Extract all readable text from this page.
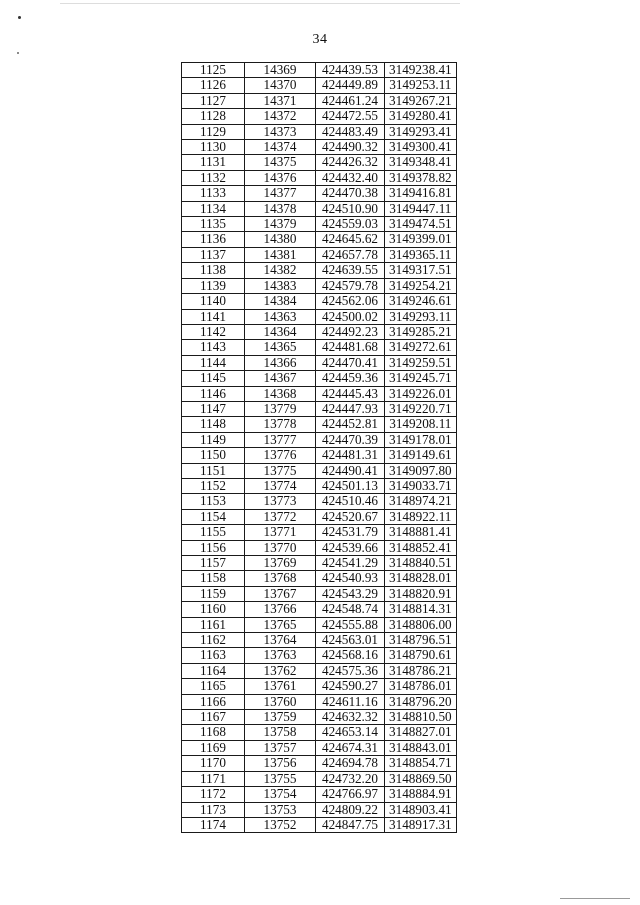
34
1125	14369	424439.53	3149238.41
1126	14370	424449.89	3149253.11
1127	14371	424461.24	3149267.21
1128	14372	424472.55	3149280.41
1129	14373	424483.49	3149293.41
1130	14374	424490.32	3149300.41
1131	14375	424426.32	3149348.41
1132	14376	424432.40	3149378.82
1133	14377	424470.38	3149416.81
1134	14378	424510.90	3149447.11
1135	14379	424559.03	3149474.51
1136	14380	424645.62	3149399.01
1137	14381	424657.78	3149365.11
1138	14382	424639.55	3149317.51
1139	14383	424579.78	3149254.21
1140	14384	424562.06	3149246.61
1141	14363	424500.02	3149293.11
1142	14364	424492.23	3149285.21
1143	14365	424481.68	3149272.61
1144	14366	424470.41	3149259.51
1145	14367	424459.36	3149245.71
1146	14368	424445.43	3149226.01
1147	13779	424447.93	3149220.71
1148	13778	424452.81	3149208.11
1149	13777	424470.39	3149178.01
1150	13776	424481.31	3149149.61
1151	13775	424490.41	3149097.80
1152	13774	424501.13	3149033.71
1153	13773	424510.46	3148974.21
1154	13772	424520.67	3148922.11
1155	13771	424531.79	3148881.41
1156	13770	424539.66	3148852.41
1157	13769	424541.29	3148840.51
1158	13768	424540.93	3148828.01
1159	13767	424543.29	3148820.91
1160	13766	424548.74	3148814.31
1161	13765	424555.88	3148806.00
1162	13764	424563.01	3148796.51
1163	13763	424568.16	3148790.61
1164	13762	424575.36	3148786.21
1165	13761	424590.27	3148786.01
1166	13760	424611.16	3148796.20
1167	13759	424632.32	3148810.50
1168	13758	424653.14	3148827.01
1169	13757	424674.31	3148843.01
1170	13756	424694.78	3148854.71
1171	13755	424732.20	3148869.50
1172	13754	424766.97	3148884.91
1173	13753	424809.22	3148903.41
1174	13752	424847.75	3148917.31
